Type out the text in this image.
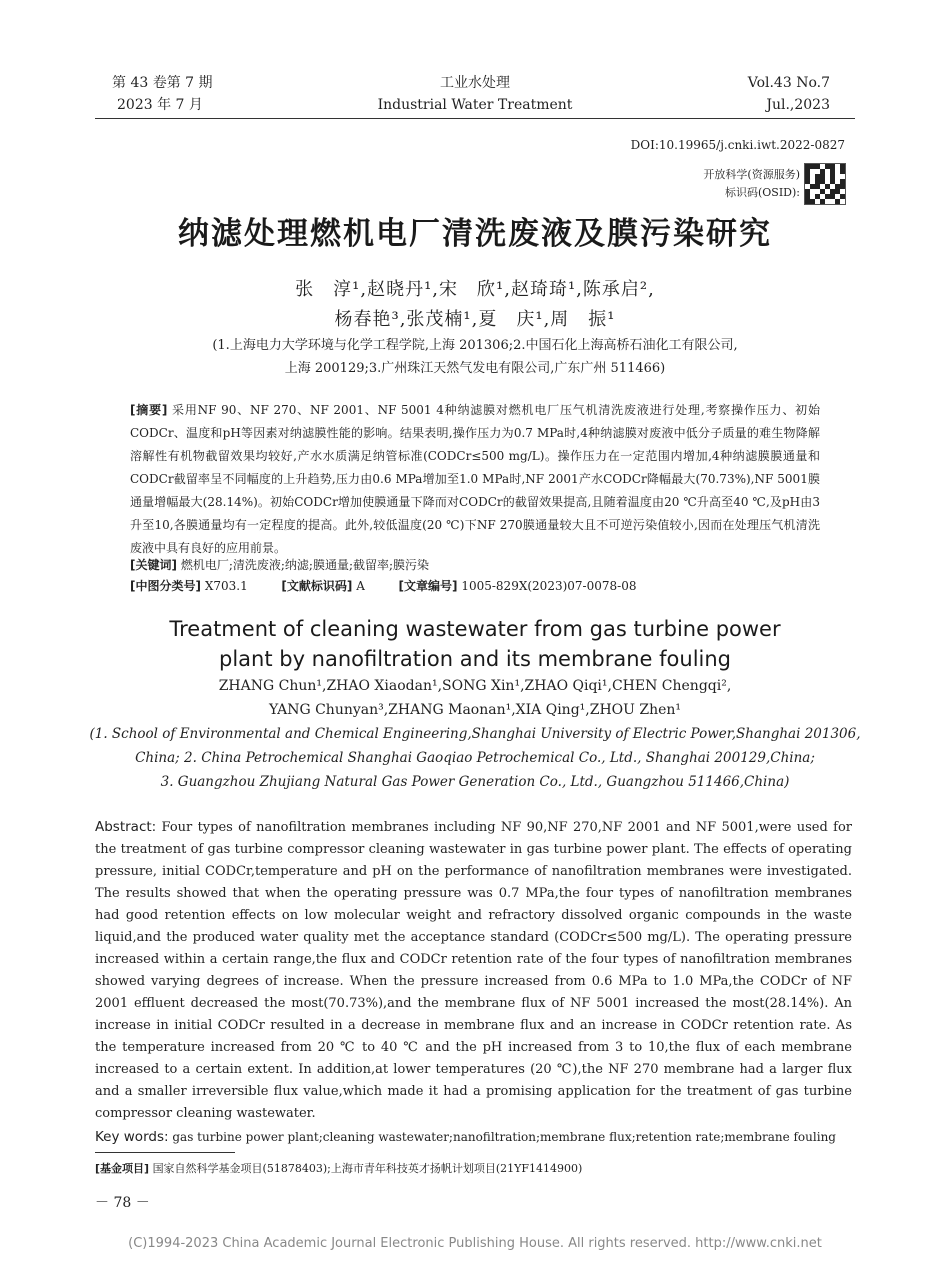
第 43 卷第 7 期
2023 年 7 月
工业水处理
Industrial Water Treatment
Vol.43 No.7
Jul.,2023
DOI:10.19965/j.cnki.iwt.2022-0827
开放科学(资源服务)
标识码(OSID):
纳滤处理燃机电厂清洗废液及膜污染研究
张　淳¹,赵晓丹¹,宋　欣¹,赵琦琦¹,陈承启²,
杨春艳³,张茂楠¹,夏　庆¹,周　振¹
(1.上海电力大学环境与化学工程学院,上海 201306;2.中国石化上海高桥石油化工有限公司,
上海 200129;3.广州珠江天然气发电有限公司,广东广州 511466)
[摘要] 采用NF 90、NF 270、NF 2001、NF 5001 4种纳滤膜对燃机电厂压气机清洗废液进行处理,考察操作压力、初始CODCr、温度和pH等因素对纳滤膜性能的影响。结果表明,操作压力为0.7 MPa时,4种纳滤膜对废液中低分子质量的难生物降解溶解性有机物截留效果均较好,产水水质满足纳管标准(CODCr≤500 mg/L)。操作压力在一定范围内增加,4种纳滤膜膜通量和CODCr截留率呈不同幅度的上升趋势,压力由0.6 MPa增加至1.0 MPa时,NF 2001产水CODCr降幅最大(70.73%),NF 5001膜通量增幅最大(28.14%)。初始CODCr增加使膜通量下降而对CODCr的截留效果提高,且随着温度由20 ℃升高至40 ℃,及pH由3升至10,各膜通量均有一定程度的提高。此外,较低温度(20 ℃)下NF 270膜通量较大且不可逆污染值较小,因而在处理压气机清洗废液中具有良好的应用前景。
[关键词] 燃机电厂;清洗废液;纳滤;膜通量;截留率;膜污染
[中图分类号] X703.1	[文献标识码] A	[文章编号] 1005-829X(2023)07-0078-08
Treatment of cleaning wastewater from gas turbine power
plant by nanofiltration and its membrane fouling
ZHANG Chun¹,ZHAO Xiaodan¹,SONG Xin¹,ZHAO Qiqi¹,CHEN Chengqi²,
YANG Chunyan³,ZHANG Maonan¹,XIA Qing¹,ZHOU Zhen¹
(1. School of Environmental and Chemical Engineering,Shanghai University of Electric Power,Shanghai 201306,
China; 2. China Petrochemical Shanghai Gaoqiao Petrochemical Co., Ltd., Shanghai 200129,China;
3. Guangzhou Zhujiang Natural Gas Power Generation Co., Ltd., Guangzhou 511466,China)
Abstract: Four types of nanofiltration membranes including NF 90,NF 270,NF 2001 and NF 5001,were used for the treatment of gas turbine compressor cleaning wastewater in gas turbine power plant. The effects of operating pressure, initial CODCr,temperature and pH on the performance of nanofiltration membranes were investigated. The results showed that when the operating pressure was 0.7 MPa,the four types of nanofiltration membranes had good retention effects on low molecular weight and refractory dissolved organic compounds in the waste liquid,and the produced water quality met the acceptance standard (CODCr≤500 mg/L). The operating pressure increased within a certain range,the flux and CODCr retention rate of the four types of nanofiltration membranes showed varying degrees of increase. When the pressure increased from 0.6 MPa to 1.0 MPa,the CODCr of NF 2001 effluent decreased the most(70.73%),and the membrane flux of NF 5001 increased the most(28.14%). An increase in initial CODCr resulted in a decrease in membrane flux and an increase in CODCr retention rate. As the temperature increased from 20 ℃ to 40 ℃ and the pH increased from 3 to 10,the flux of each membrane increased to a certain extent. In addition,at lower temperatures (20 ℃),the NF 270 membrane had a larger flux and a smaller irreversible flux value,which made it had a promising application for the treatment of gas turbine compressor cleaning wastewater.
Key words: gas turbine power plant;cleaning wastewater;nanofiltration;membrane flux;retention rate;membrane fouling
[基金项目] 国家自然科学基金项目(51878403);上海市青年科技英才扬帆计划项目(21YF1414900)
－ 78 －
(C)1994-2023 China Academic Journal Electronic Publishing House. All rights reserved. http://www.cnki.net
